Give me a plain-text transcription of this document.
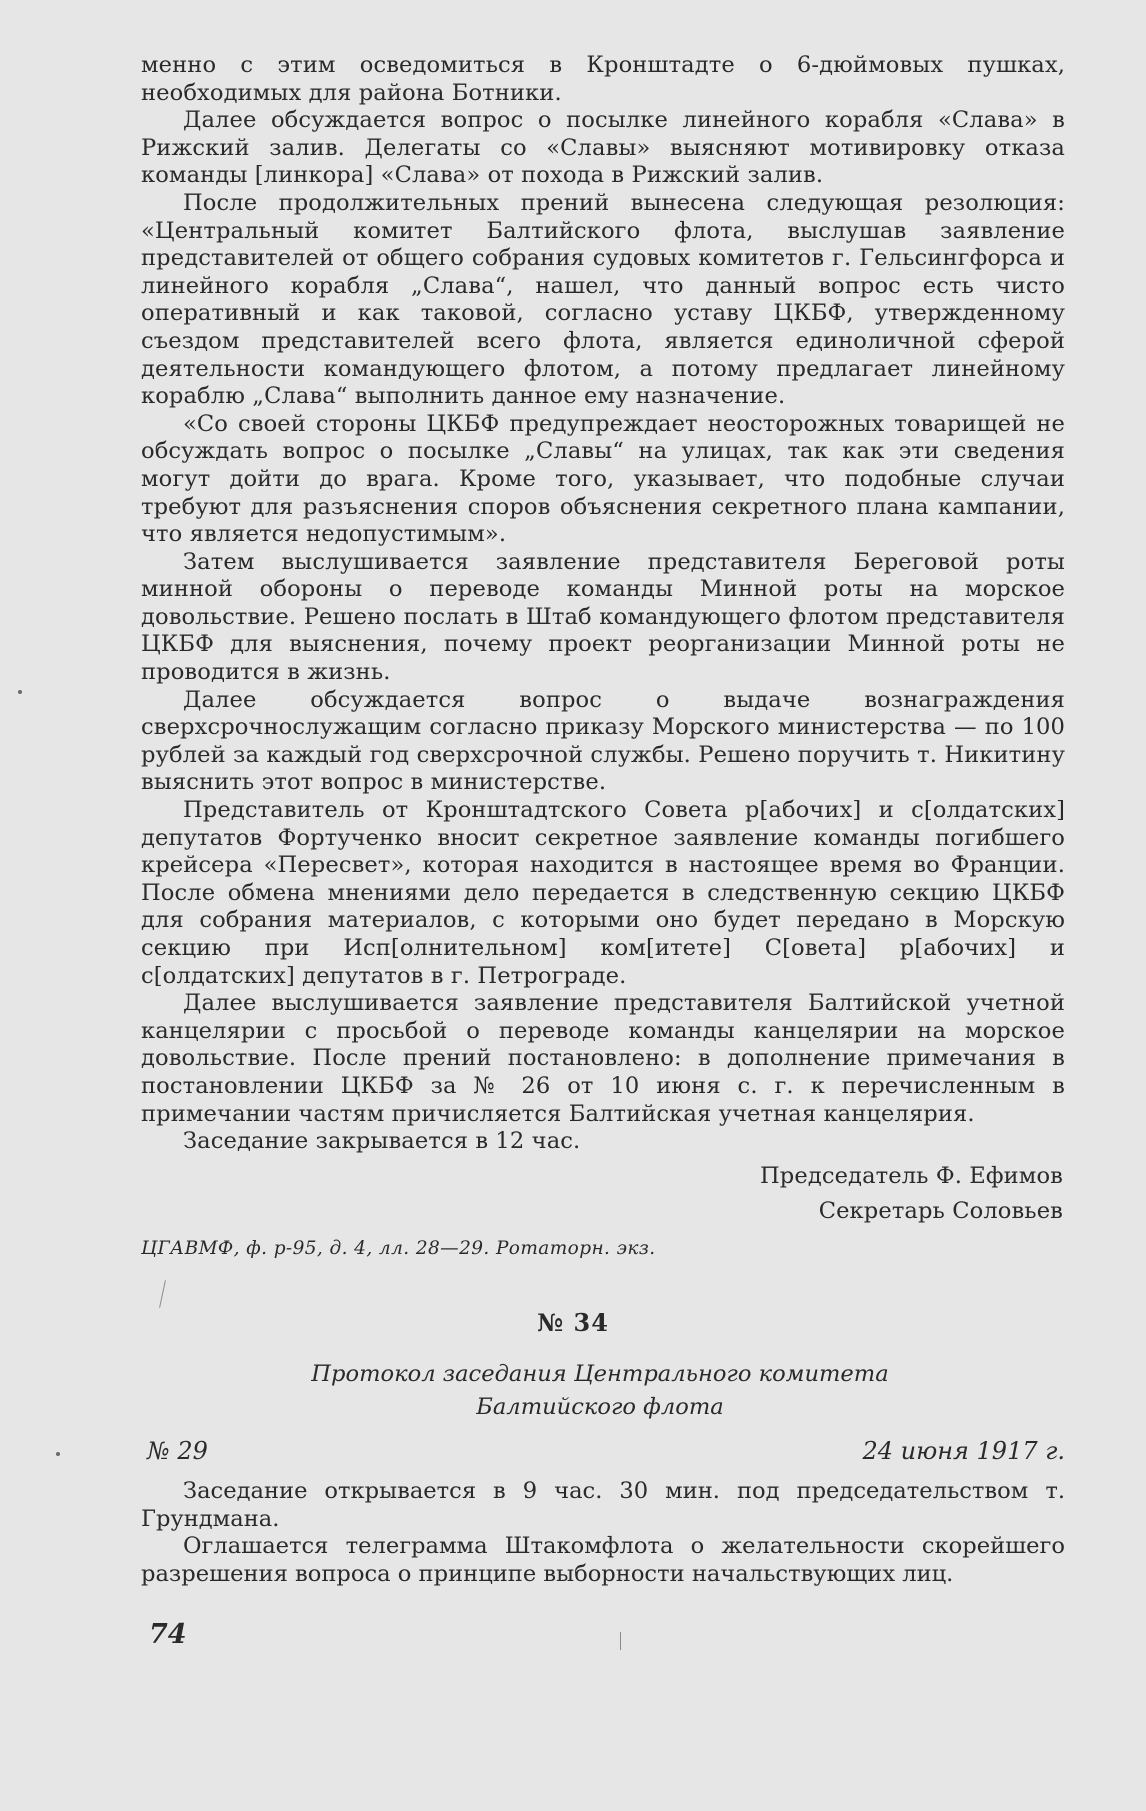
менно с этим осведомиться в Кронштадте о 6-дюймовых пушках, необходимых для района Ботники.

Далее обсуждается вопрос о посылке линейного корабля «Слава» в Рижский залив. Делегаты со «Славы» выясняют мотивировку отказа команды [линкора] «Слава» от похода в Рижский залив.

После продолжительных прений вынесена следующая резолюция: «Центральный комитет Балтийского флота, выслушав заявление представителей от общего собрания судовых комитетов г. Гельсингфорса и линейного корабля „Слава“, нашел, что данный вопрос есть чисто оперативный и как таковой, согласно уставу ЦКБФ, утвержденному съездом представителей всего флота, является единоличной сферой деятельности командующего флотом, а потому предлагает линейному кораблю „Слава“ выполнить данное ему назначение.

«Со своей стороны ЦКБФ предупреждает неосторожных товарищей не обсуждать вопрос о посылке „Славы“ на улицах, так как эти сведения могут дойти до врага. Кроме того, указывает, что подобные случаи требуют для разъяснения споров объяснения секретного плана кампании, что является недопустимым».

Затем выслушивается заявление представителя Береговой роты минной обороны о переводе команды Минной роты на морское довольствие. Решено послать в Штаб командующего флотом представителя ЦКБФ для выяснения, почему проект реорганизации Минной роты не проводится в жизнь.

Далее обсуждается вопрос о выдаче вознаграждения сверхсрочнослужащим согласно приказу Морского министерства — по 100 рублей за каждый год сверхсрочной службы. Решено поручить т. Никитину выяснить этот вопрос в министерстве.

Представитель от Кронштадтского Совета р[абочих] и с[олдатских] депутатов Фортученко вносит секретное заявление команды погибшего крейсера «Пересвет», которая находится в настоящее время во Франции. После обмена мнениями дело передается в следственную секцию ЦКБФ для собрания материалов, с которыми оно будет передано в Морскую секцию при Исп[олнительном] ком[итете] С[овета] р[абочих] и с[олдатских] депутатов в г. Петрограде.

Далее выслушивается заявление представителя Балтийской учетной канцелярии с просьбой о переводе команды канцелярии на морское довольствие. После прений постановлено: в дополнение примечания в постановлении ЦКБФ за № 26 от 10 июня с. г. к перечисленным в примечании частям причисляется Балтийская учетная канцелярия.

Заседание закрывается в 12 час.

Председатель Ф. Ефимов
Секретарь Соловьев
ЦГАВМФ, ф. р-95, д. 4, лл. 28—29. Ротаторн. экз.
№ 34
Протокол заседания Центрального комитета
Балтийского флота
№ 29	24 июня 1917 г.

Заседание открывается в 9 час. 30 мин. под председательством т. Грундмана.

Оглашается телеграмма Штакомфлота о желательности скорейшего разрешения вопроса о принципе выборности начальствующих лиц.

74
